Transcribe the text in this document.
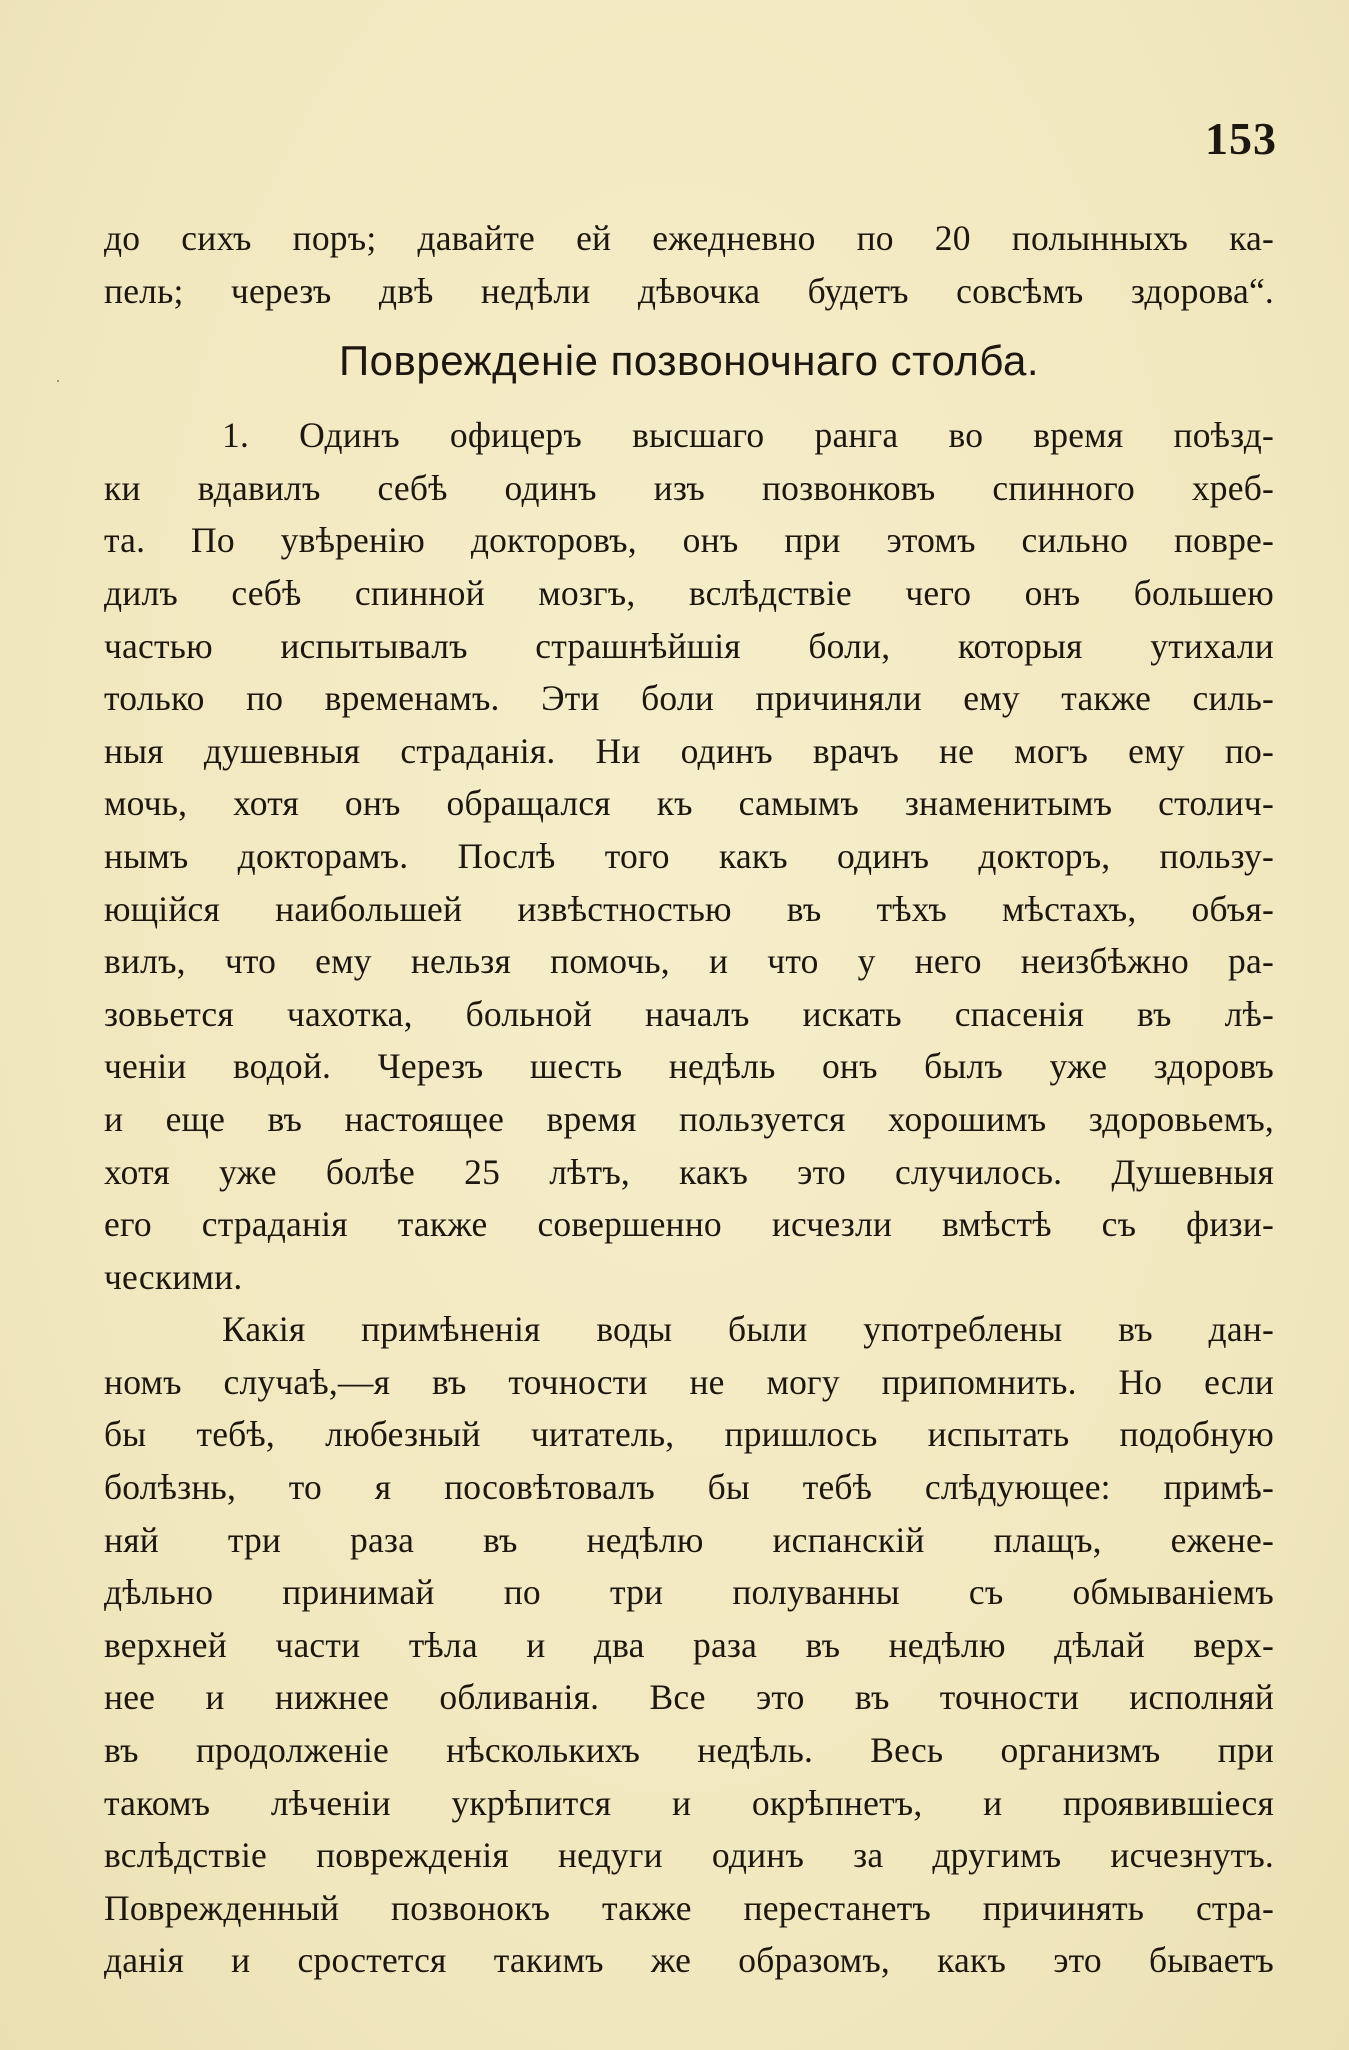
153
до сихъ поръ; давайте ей ежедневно по 20 полынныхъ ка-
пель; черезъ двѣ недѣли дѣвочка будетъ совсѣмъ здорова“.
Поврежденіе позвоночнаго столба.
1. Одинъ офицеръ высшаго ранга во время поѣзд-
ки вдавилъ себѣ одинъ изъ позвонковъ спинного хреб-
та. По увѣренію докторовъ, онъ при этомъ сильно повре-
дилъ себѣ спинной мозгъ, вслѣдствіе чего онъ большею
частью испытывалъ страшнѣйшія боли, которыя утихали
только по временамъ. Эти боли причиняли ему также силь-
ныя душевныя страданія. Ни одинъ врачъ не могъ ему по-
мочь, хотя онъ обращался къ самымъ знаменитымъ столич-
нымъ докторамъ. Послѣ того какъ одинъ докторъ, пользу-
ющійся наибольшей извѣстностью въ тѣхъ мѣстахъ, объя-
вилъ, что ему нельзя помочь, и что у него неизбѣжно ра-
зовьется чахотка, больной началъ искать спасенія въ лѣ-
ченіи водой. Черезъ шесть недѣль онъ былъ уже здоровъ
и еще въ настоящее время пользуется хорошимъ здоровьемъ,
хотя уже болѣе 25 лѣтъ, какъ это случилось. Душевныя
его страданія также совершенно исчезли вмѣстѣ съ физи-
ческими.
Какія примѣненія воды были употреблены въ дан-
номъ случаѣ,—я въ точности не могу припомнить. Но если
бы тебѣ, любезный читатель, пришлось испытать подобную
болѣзнь, то я посовѣтовалъ бы тебѣ слѣдующее: примѣ-
няй три раза въ недѣлю испанскій плащъ, еженe-
дѣльно принимай по три полуванны съ обмываніемъ
верхней части тѣла и два раза въ недѣлю дѣлай верх-
нее и нижнее обливанія. Все это въ точности исполняй
въ продолженіе нѣсколькихъ недѣль. Весь организмъ при
такомъ лѣченіи укрѣпится и окрѣпнетъ, и проявившіеся
вслѣдствіе поврежденія недуги одинъ за другимъ исчезнутъ.
Поврежденный позвонокъ также перестанетъ причинять стра-
данія и сростется такимъ же образомъ, какъ это бываетъ
